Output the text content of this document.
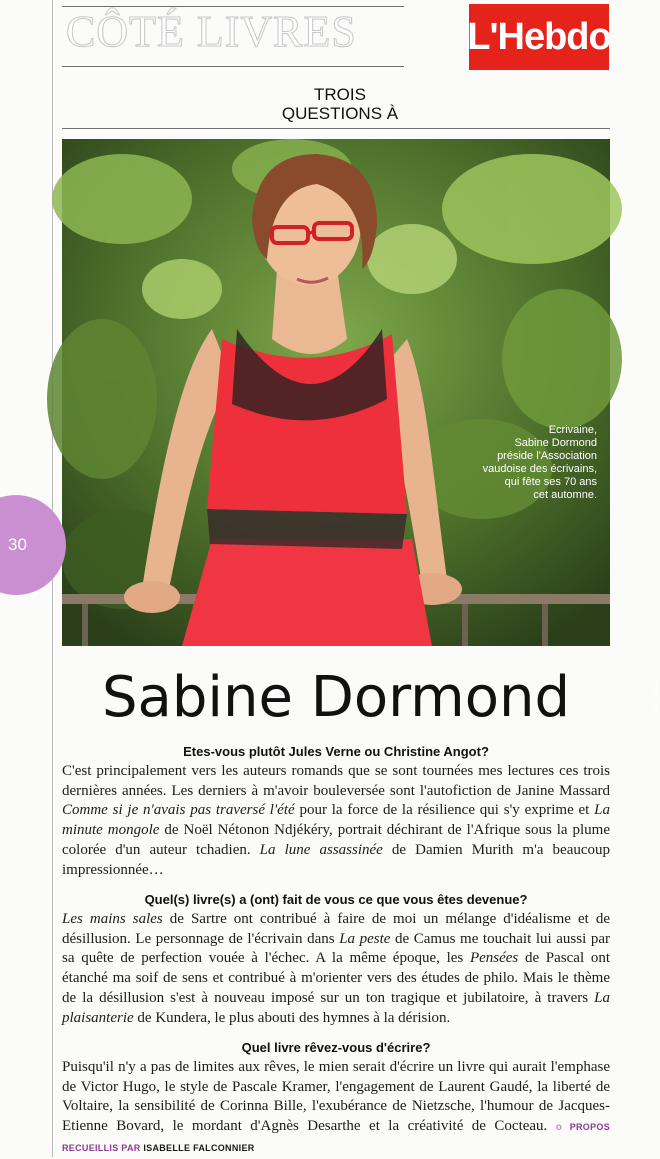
30
CÔTÉ LIVRES	L'Hebdo
TROIS
QUESTIONS À
Ecrivaine,
Sabine Dormond
préside l'Association
vaudoise des écrivains,
qui fête ses 70 ans
cet automne.
SEDRIK NEMETH
Sabine Dormond
Etes-vous plutôt Jules Verne ou Christine Angot?
C'est principalement vers les auteurs romands que se sont tournées mes lectures ces trois dernières années. Les derniers à m'avoir bouleversée sont l'autofiction de Janine Massard Comme si je n'avais pas traversé l'été pour la force de la résilience qui s'y exprime et La minute mongole de Noël Nétonon Ndjékéry, portrait déchirant de l'Afrique sous la plume colorée d'un auteur tchadien. La lune assassinée de Damien Murith m'a beaucoup impressionnée…
Quel(s) livre(s) a (ont) fait de vous ce que vous êtes devenue?
Les mains sales de Sartre ont contribué à faire de moi un mélange d'idéalisme et de désillusion. Le personnage de l'écrivain dans La peste de Camus me touchait lui aussi par sa quête de perfection vouée à l'échec. A la même époque, les Pensées de Pascal ont étanché ma soif de sens et contribué à m'orienter vers des études de philo. Mais le thème de la désillusion s'est à nouveau imposé sur un ton tragique et jubilatoire, à travers La plaisanterie de Kundera, le plus abouti des hymnes à la dérision.
Quel livre rêvez-vous d'écrire?
Puisqu'il n'y a pas de limites aux rêves, le mien serait d'écrire un livre qui aurait l'emphase de Victor Hugo, le style de Pascale Kramer, l'engagement de Laurent Gaudé, la liberté de Voltaire, la sensibilité de Corinna Bille, l'exubérance de Nietzsche, l'humour de Jacques-Etienne Bovard, le mordant d'Agnès Desarthe et la créativité de Cocteau. o PROPOS RECUEILLIS PAR ISABELLE FALCONNIER
